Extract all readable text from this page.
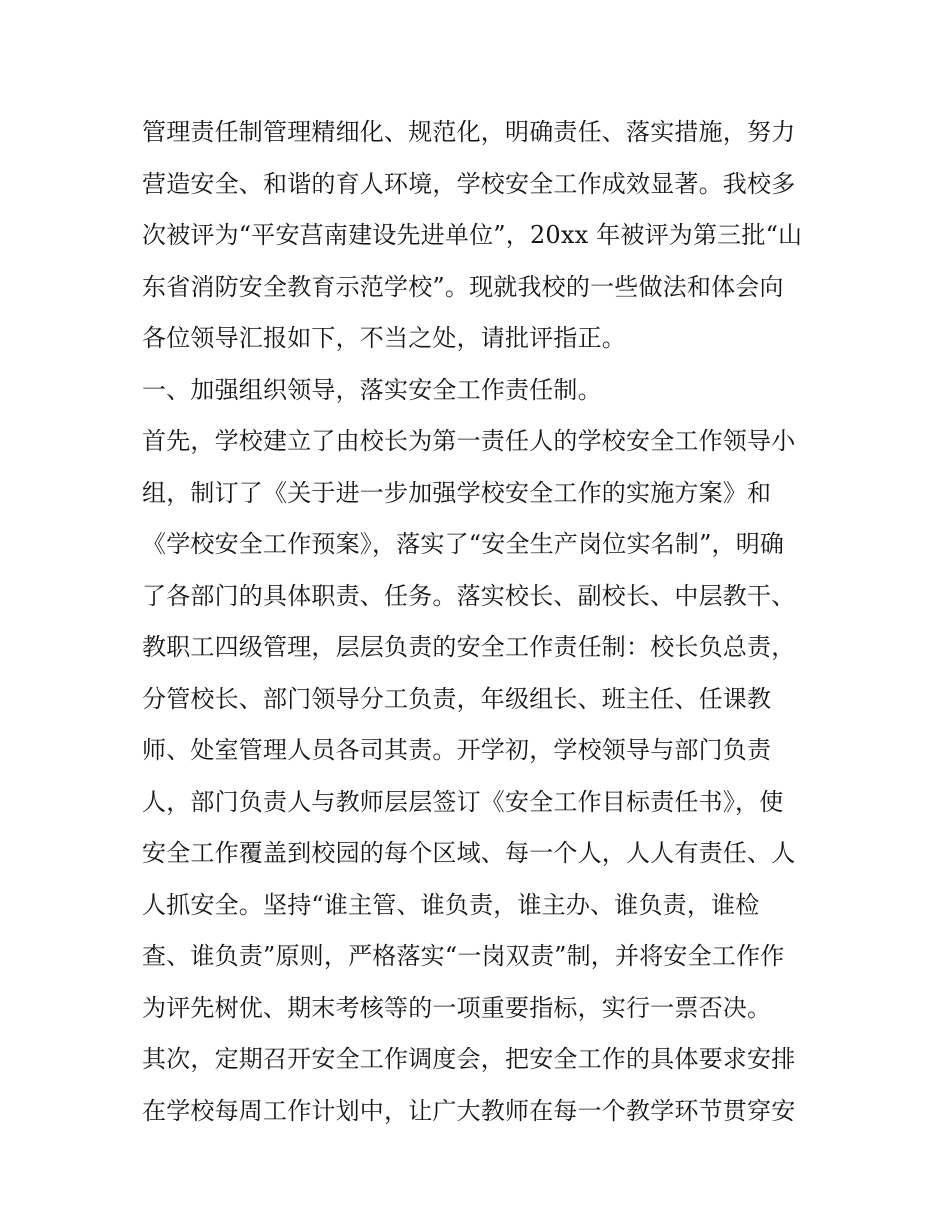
管理责任制管理精细化、规范化，明确责任、落实措施，努力
营造安全、和谐的育人环境，学校安全工作成效显著。我校多
次被评为“平安莒南建设先进单位”，20xx 年被评为第三批“山
东省消防安全教育示范学校”。现就我校的一些做法和体会向
各位领导汇报如下，不当之处，请批评指正。
一、加强组织领导，落实安全工作责任制。
首先，学校建立了由校长为第一责任人的学校安全工作领导小
组，制订了《关于进一步加强学校安全工作的实施方案》和
《学校安全工作预案》，落实了“安全生产岗位实名制”，明确
了各部门的具体职责、任务。落实校长、副校长、中层教干、
教职工四级管理，层层负责的安全工作责任制：校长负总责，
分管校长、部门领导分工负责，年级组长、班主任、任课教
师、处室管理人员各司其责。开学初，学校领导与部门负责
人，部门负责人与教师层层签订《安全工作目标责任书》，使
安全工作覆盖到校园的每个区域、每一个人，人人有责任、人
人抓安全。坚持“谁主管、谁负责，谁主办、谁负责，谁检
查、谁负责”原则，严格落实“一岗双责”制，并将安全工作作
为评先树优、期末考核等的一项重要指标，实行一票否决。
其次，定期召开安全工作调度会，把安全工作的具体要求安排
在学校每周工作计划中，让广大教师在每一个教学环节贯穿安
